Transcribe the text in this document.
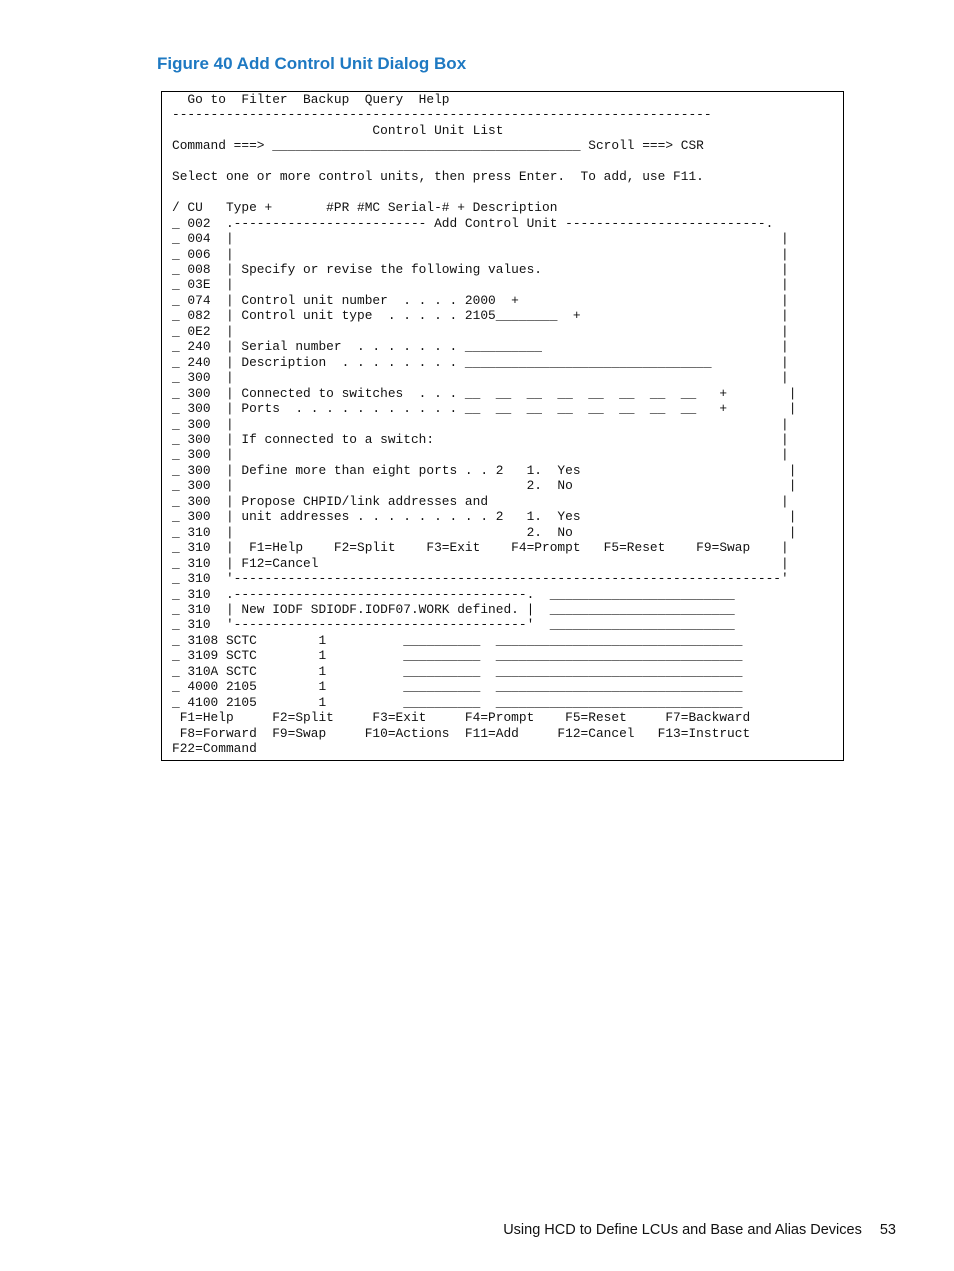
Figure 40 Add Control Unit Dialog Box
Go to  Filter  Backup  Query  Help
----------------------------------------------------------------------
Control Unit List
Command ===> ________________________________________ Scroll ===> CSR

Select one or more control units, then press Enter.  To add, use F11.

/ CU   Type +       #PR #MC Serial-# + Description
_ 002  .------------------------- Add Control Unit --------------------------.
_ 004  |                                                                       |
_ 006  |                                                                       |
_ 008  | Specify or revise the following values.                               |
_ 03E  |                                                                       |
_ 074  | Control unit number  . . . . 2000  +                                  |
_ 082  | Control unit type  . . . . . 2105________  +                          |
_ 0E2  |                                                                       |
_ 240  | Serial number  . . . . . . . __________                               |
_ 240  | Description  . . . . . . . . ________________________________         |
_ 300  |                                                                       |
_ 300  | Connected to switches  . . . __  __  __  __  __  __  __  __   +        |
_ 300  | Ports  . . . . . . . . . . . __  __  __  __  __  __  __  __   +        |
_ 300  |                                                                       |
_ 300  | If connected to a switch:                                             |
_ 300  |                                                                       |
_ 300  | Define more than eight ports . . 2   1.  Yes                           |
_ 300  |                                      2.  No                            |
_ 300  | Propose CHPID/link addresses and                                      |
_ 300  | unit addresses . . . . . . . . . 2   1.  Yes                           |
_ 310  |                                      2.  No                            |
_ 310  |  F1=Help    F2=Split    F3=Exit    F4=Prompt   F5=Reset    F9=Swap    |
_ 310  | F12=Cancel                                                            |
_ 310  '-----------------------------------------------------------------------'
_ 310  .--------------------------------------.  ________________________
_ 310  | New IODF SDIODF.IODF07.WORK defined. |  ________________________
_ 310  '--------------------------------------'  ________________________
_ 3108 SCTC        1          __________  ________________________________
_ 3109 SCTC        1          __________  ________________________________
_ 310A SCTC        1          __________  ________________________________
_ 4000 2105        1          __________  ________________________________
_ 4100 2105        1          __________  ________________________________
F1=Help     F2=Split     F3=Exit     F4=Prompt    F5=Reset     F7=Backward
F8=Forward  F9=Swap     F10=Actions  F11=Add     F12=Cancel   F13=Instruct
F22=Command
Using HCD to Define LCUs and Base and Alias Devices 53
